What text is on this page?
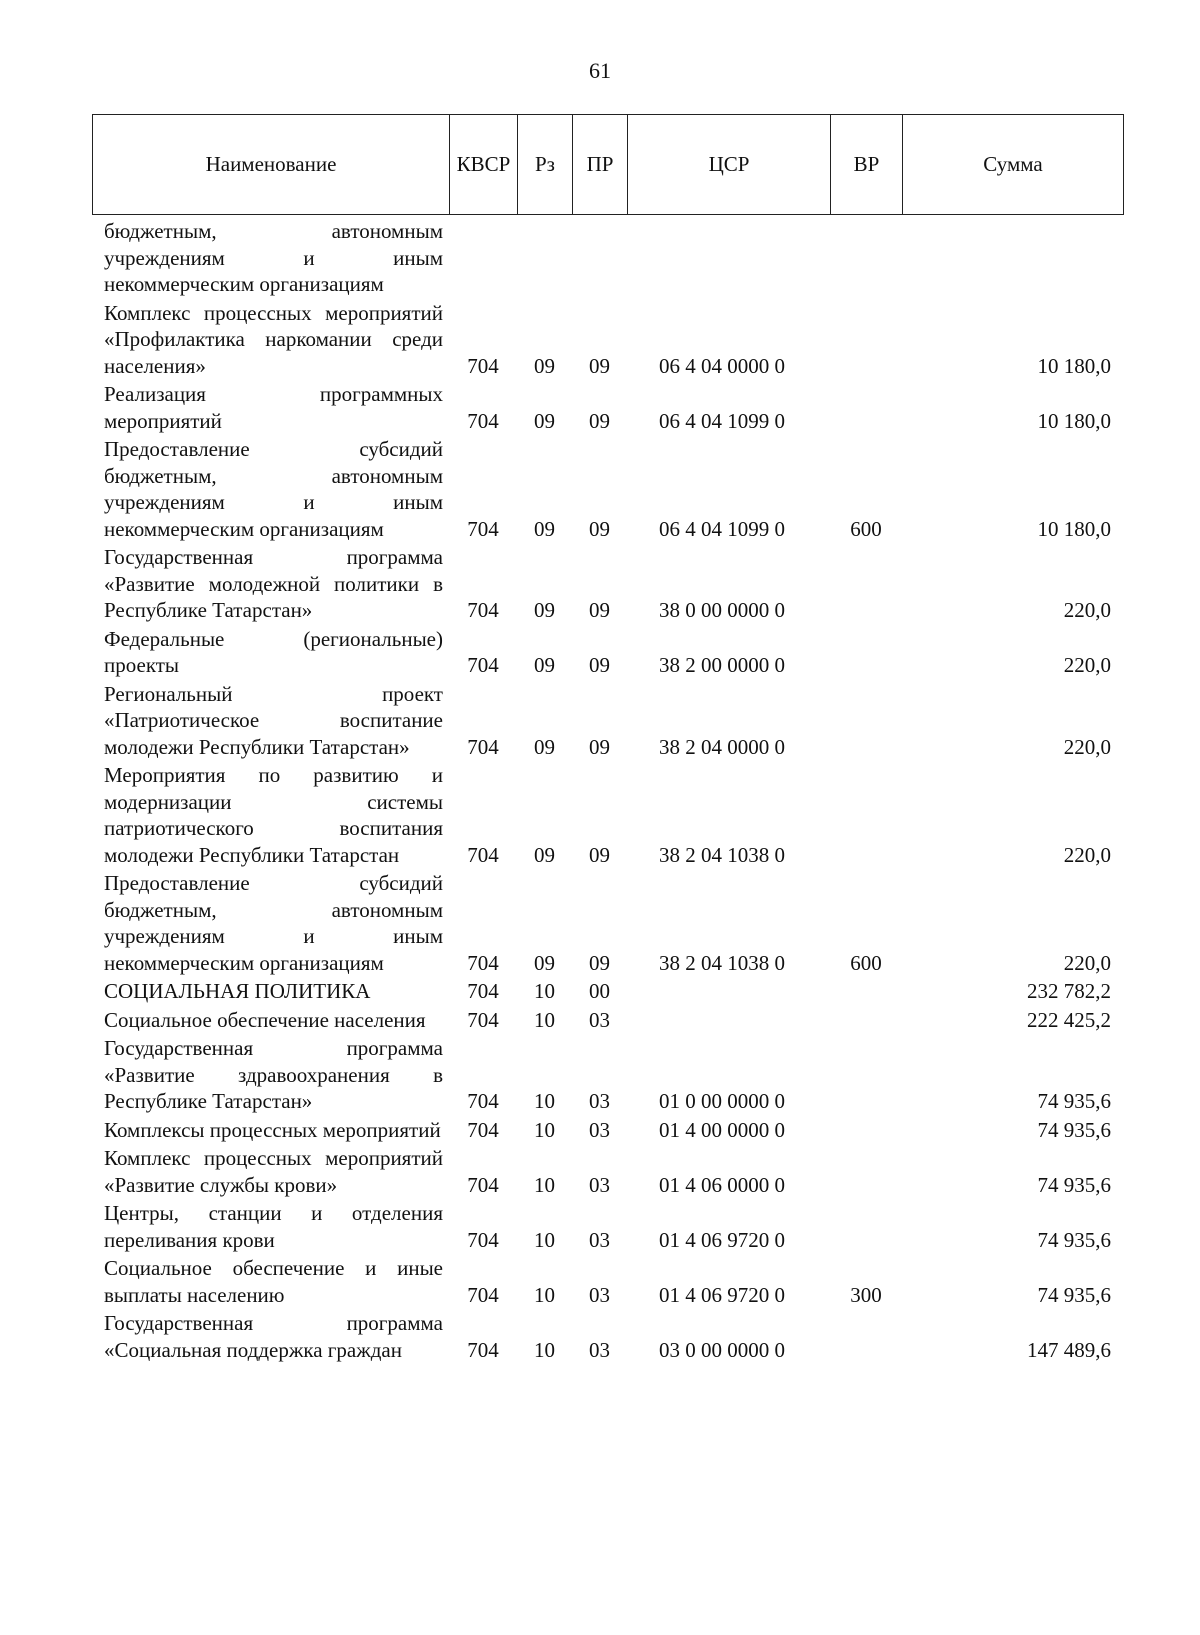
61
Наименование	КВСР	Рз	ПР	ЦСР	ВР	Сумма
бюджетным, автономным учреждениям и иным некоммерческим организациям						

Комплекс процессных мероприятий «Профилактика наркомании среди населения»	704	09	09	06 4 04 0000 0		10 180,0

Реализация программных мероприятий	704	09	09	06 4 04 1099 0		10 180,0

Предоставление субсидий бюджетным, автономным учреждениям и иным некоммерческим организациям	704	09	09	06 4 04 1099 0	600	10 180,0

Государственная программа «Развитие молодежной политики в Республике Татарстан»	704	09	09	38 0 00 0000 0		220,0

Федеральные (региональные) проекты	704	09	09	38 2 00 0000 0		220,0

Региональный проект «Патриотическое воспитание молодежи Республики Татарстан»	704	09	09	38 2 04 0000 0		220,0

Мероприятия по развитию и модернизации системы патриотического воспитания молодежи Республики Татарстан	704	09	09	38 2 04 1038 0		220,0

Предоставление субсидий бюджетным, автономным учреждениям и иным некоммерческим организациям	704	09	09	38 2 04 1038 0	600	220,0

СОЦИАЛЬНАЯ ПОЛИТИКА	704	10	00			232 782,2

Социальное обеспечение населения	704	10	03			222 425,2

Государственная программа «Развитие здравоохранения в Республике Татарстан»	704	10	03	01 0 00 0000 0		74 935,6

Комплексы процессных мероприятий	704	10	03	01 4 00 0000 0		74 935,6

Комплекс процессных мероприятий «Развитие службы крови»	704	10	03	01 4 06 0000 0		74 935,6

Центры, станции и отделения переливания крови	704	10	03	01 4 06 9720 0		74 935,6

Социальное обеспечение и иные выплаты населению	704	10	03	01 4 06 9720 0	300	74 935,6

Государственная программа «Социальная поддержка граждан	704	10	03	03 0 00 0000 0		147 489,6
